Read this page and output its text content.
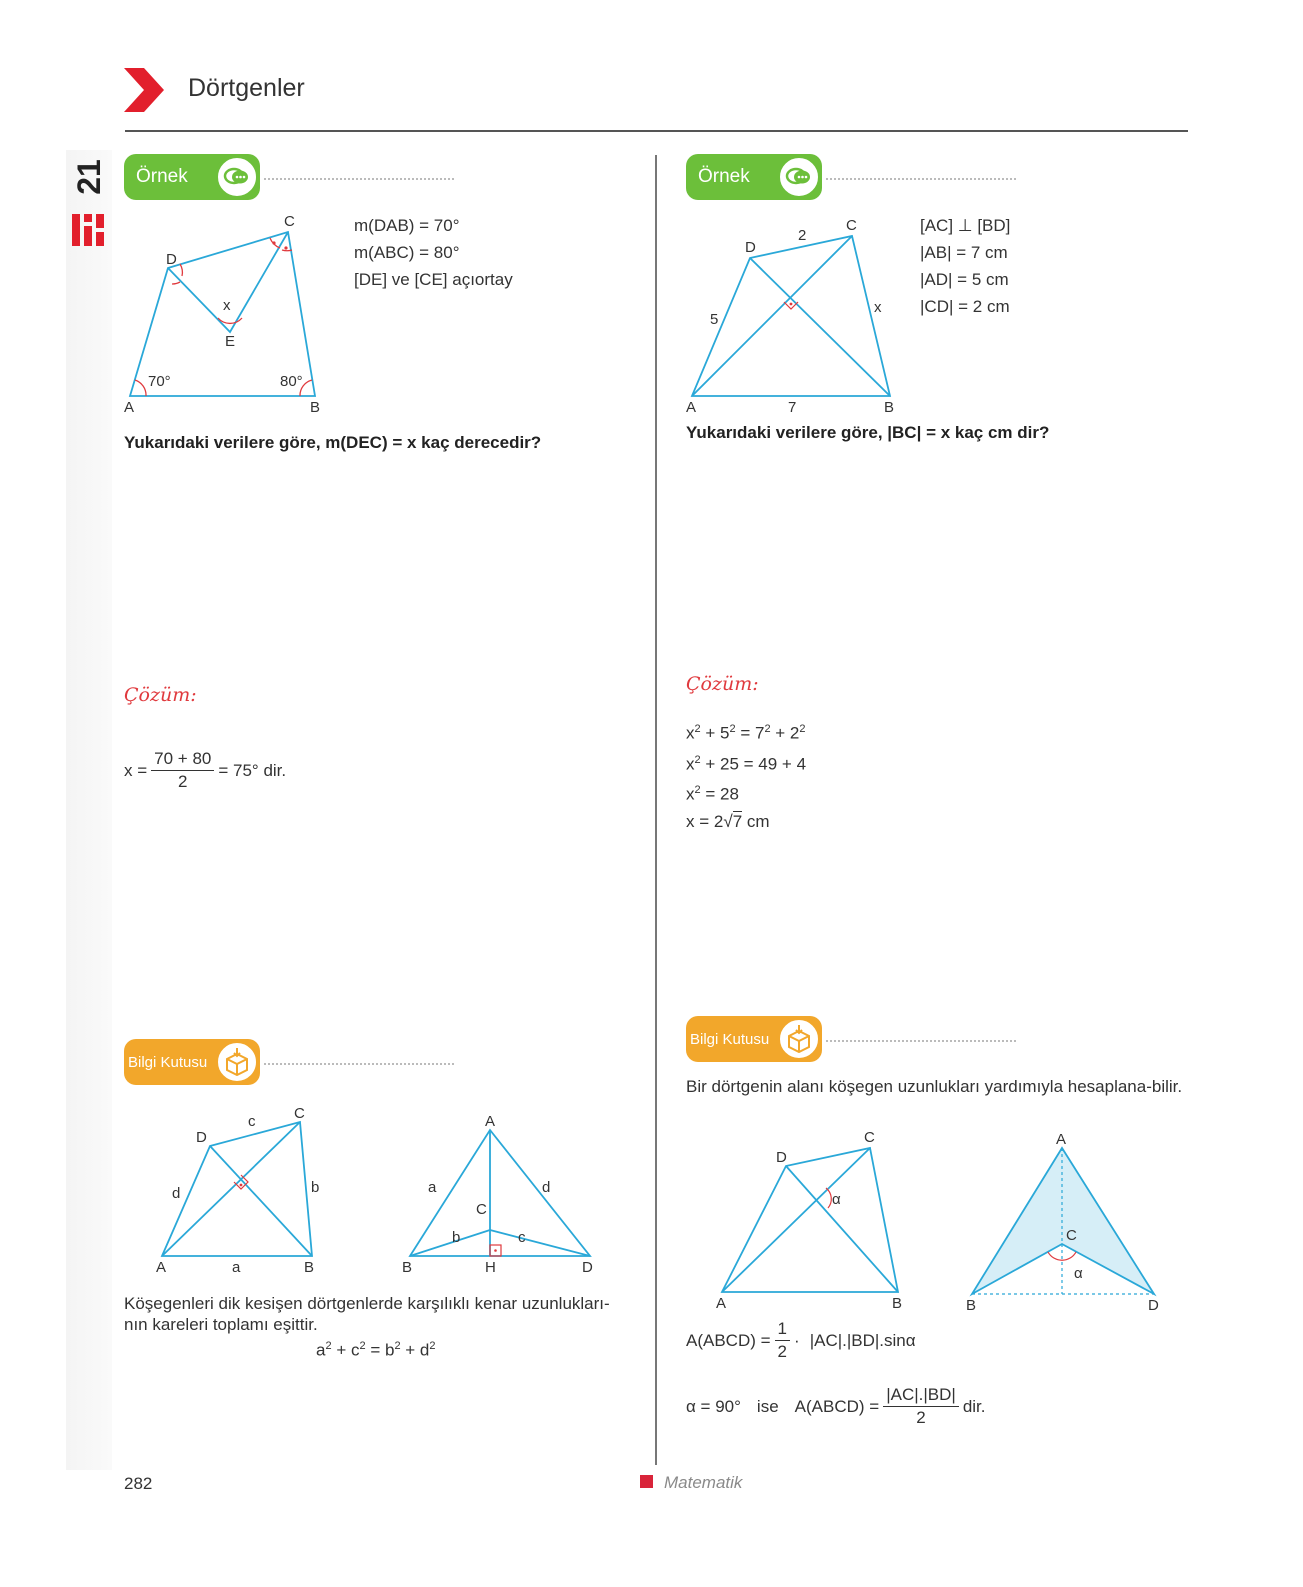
Dörtgenler
21	Örnek
C
D
x
E
70°	80°
A	B
m(DAB) = 70°
m(ABC) = 80°
[DE] ve [CE] açıortay
Yukarıdaki verilere göre, m(DEC) = x kaç derecedir?
Çözüm:
$x = \frac{70 + 80}{2} = 75^\circ$ dir.
Bilgi Kutusu
C
D
c
d	b
A	a	B
A
a	d
C
b	c
B	H	D
Köşegenleri dik kesişen dörtgenlerde karşılıklı kenar uzunlukları-nın kareleri toplamı eşittir.
$a^2 + c^2 = b^2 + d^2$
Örnek
2
C
D
5
x
A	7	B
[AC] ⊥ [BD]
|AB| = 7 cm
|AD| = 5 cm
|CD| = 2 cm
Yukarıdaki verilere göre, |BC| = x kaç cm dir?
Çözüm:
$x^2 + 5^2 = 7^2 + 2^2$
$x^2 + 25 = 49 + 4$
$x^2 = 28$
x = 2√7 cm
Bilgi Kutusu
Bir dörtgenin alanı köşegen uzunlukları yardımıyla hesaplana-bilir.
C
D
α
A	B
A
C
α
B	D
A(ABCD) = $\frac{1}{2} \cdot |AC|.|BD|.\sin\alpha$
α = 90° ise A(ABCD) = $\frac{|AC|.|BD|}{2}$ dir.
282	Matematik
